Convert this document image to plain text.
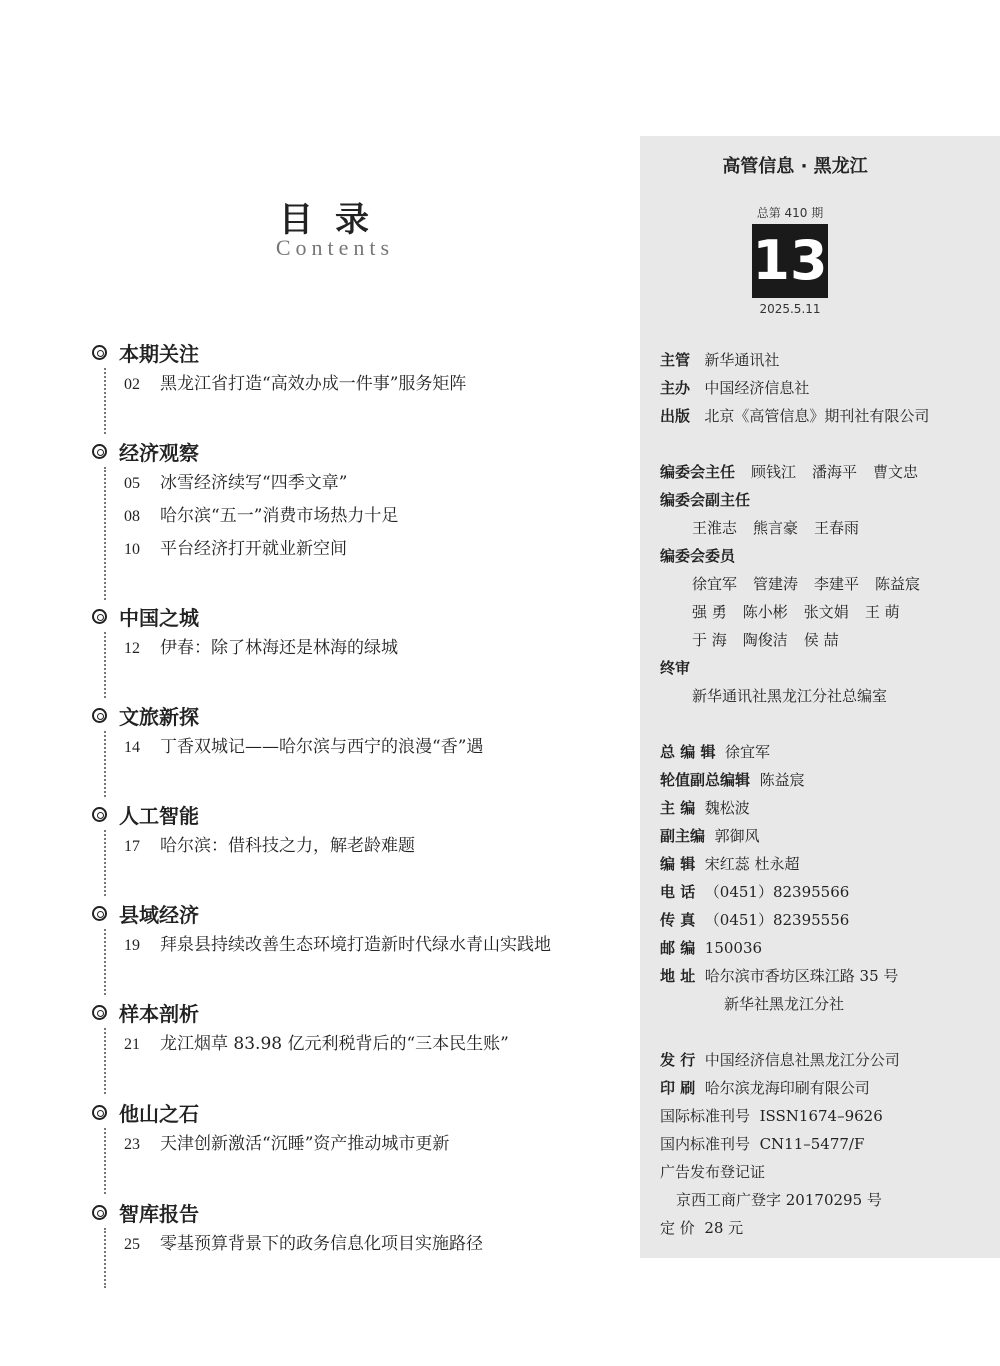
目录
Contents
本期关注
02 黑龙江省打造“高效办成一件事”服务矩阵
经济观察
05 冰雪经济续写“四季文章”
08 哈尔滨“五一”消费市场热力十足
10 平台经济打开就业新空间
中国之城
12 伊春：除了林海还是林海的绿城
文旅新探
14 丁香双城记——哈尔滨与西宁的浪漫“香”遇
人工智能
17 哈尔滨：借科技之力，解老龄难题
县域经济
19 拜泉县持续改善生态环境打造新时代绿水青山实践地
样本剖析
21 龙江烟草 83.98 亿元利税背后的“三本民生账”
他山之石
23 天津创新激活“沉睡”资产推动城市更新
智库报告
25 零基预算背景下的政务信息化项目实施路径
高管信息 · 黑龙江
总第 410 期
13
2025.5.11
主管 新华通讯社
主办 中国经济信息社
出版 北京《高管信息》期刊社有限公司
编委会主任 顾钱江 潘海平 曹文忠
编委会副主任
王淮志 熊言豪 王春雨
编委会委员
徐宜军 管建涛 李建平 陈益宸
强 勇 陈小彬 张文娟 王 萌
于 海 陶俊洁 侯 喆
终审
新华通讯社黑龙江分社总编室
总 编 辑 徐宜军
轮值副总编辑 陈益宸
主 编 魏松波
副主编 郭御风
编 辑 宋红蕊 杜永超
电 话 （0451）82395566
传 真 （0451）82395556
邮 编 150036
地 址 哈尔滨市香坊区珠江路 35 号
新华社黑龙江分社
发 行 中国经济信息社黑龙江分公司
印 刷 哈尔滨龙海印刷有限公司
国际标准刊号 ISSN1674–9626
国内标准刊号 CN11–5477/F
广告发布登记证
京西工商广登字 20170295 号
定 价 28 元
